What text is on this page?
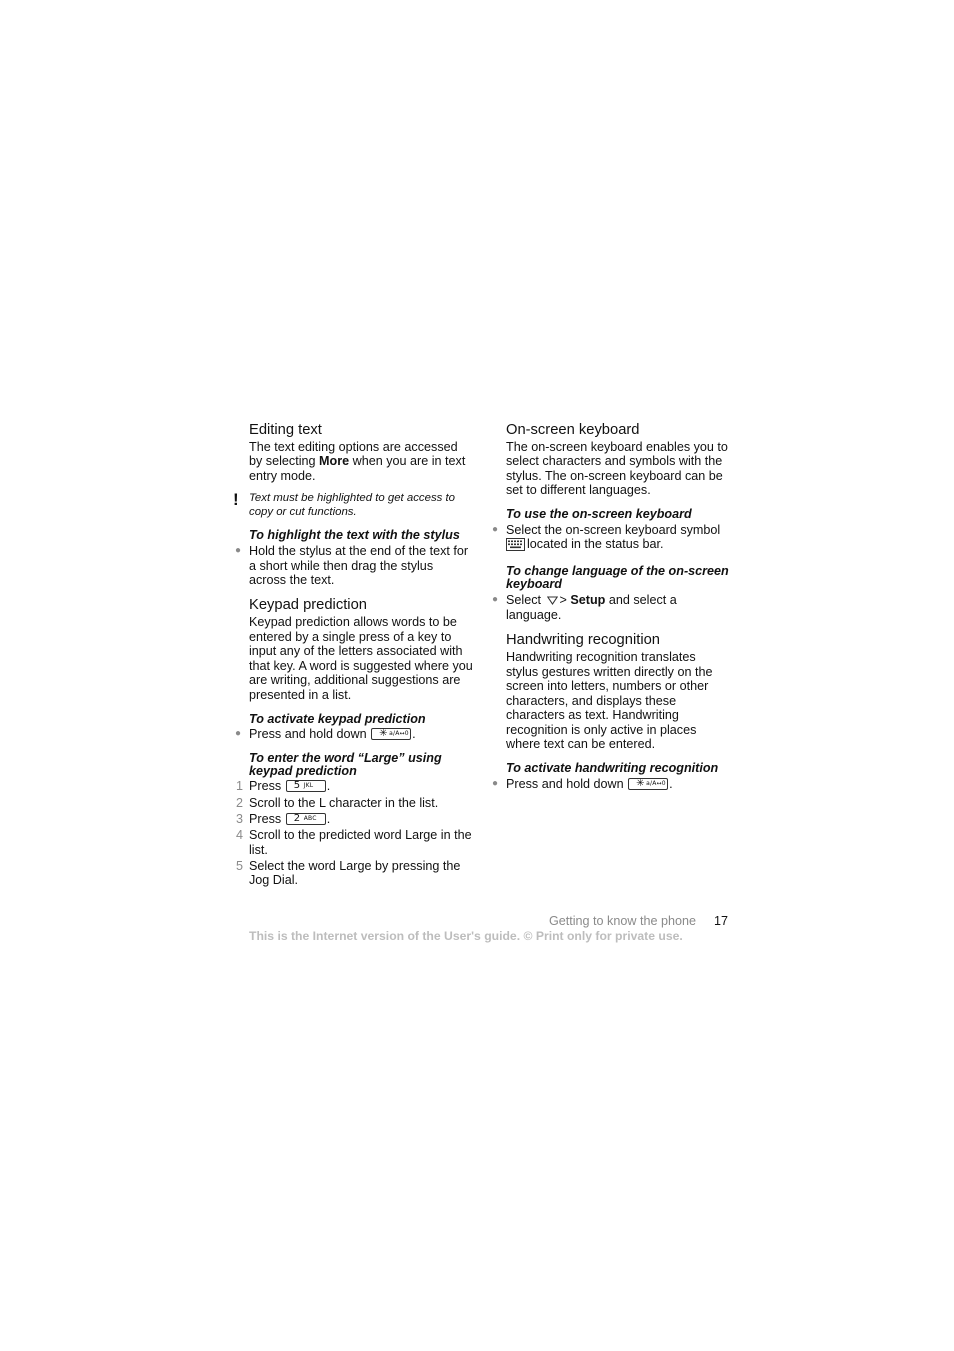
Editing text

The text editing options are accessed by selecting More when you are in text entry mode.

! Text must be highlighted to get access to copy or cut functions.
To highlight the text with the stylus
● Hold the stylus at the end of the text for a short while then drag the stylus across the text.
Keypad prediction

Keypad prediction allows words to be entered by a single press of a key to input any of the letters associated with that key. A word is suggested where you are writing, additional suggestions are presented in a list.

To activate keypad prediction
● Press and hold down ✳ a/A↔0 .
To enter the word “Large” using keypad prediction
1 Press 5 JKL .
2 Scroll to the L character in the list.
3 Press 2 ABC .
4 Scroll to the predicted word Large in the list.
5 Select the word Large by pressing the Jog Dial.
On-screen keyboard

The on-screen keyboard enables you to select characters and symbols with the stylus. The on-screen keyboard can be set to different languages.

To use the on-screen keyboard
● Select the on-screen keyboard symbol located in the status bar.
To change language of the on-screen keyboard
● Select > Setup and select a language.
Handwriting recognition

Handwriting recognition translates stylus gestures written directly on the screen into letters, numbers or other characters, and displays these characters as text. Handwriting recognition is only active in places where text can be entered.

To activate handwriting recognition
● Press and hold down ✳ a/A↔0 .
Getting to know the phone 17
This is the Internet version of the User's guide. © Print only for private use.
